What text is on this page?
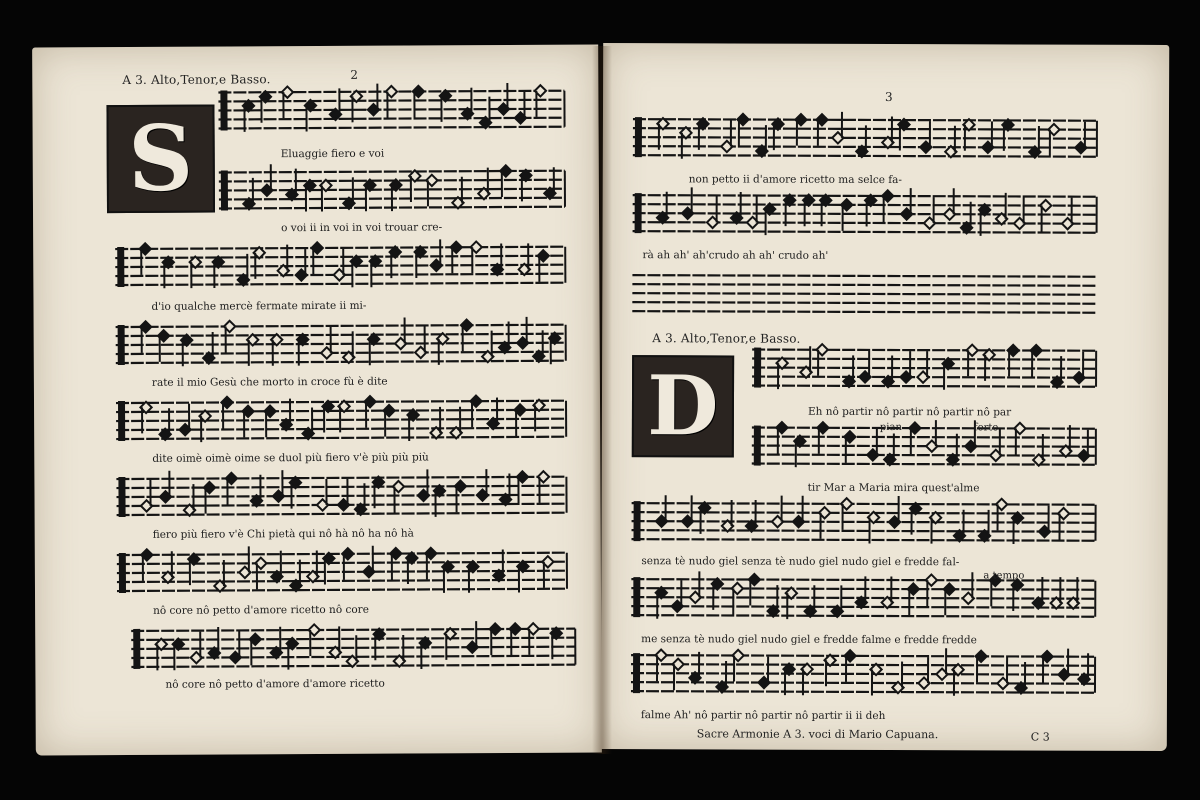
A 3. Alto,Tenor,e Basso.	2
S	Eluaggie fiero e voi
o voi ii in voi in voi trouar cre-
d'io qualche mercè fermate mirate ii mi-
rate il mio Gesù che morto in croce fù è dite
dite oimè oimè oime se duol più fiero v'è più più più
fiero più fiero v'è Chi pietà qui nô hà nô ha nô hà
nô core nô petto d'amore ricetto nô core
nô core nô petto d'amore d'amore ricetto
3
non petto ii d'amore ricetto ma selce fa-
rà ah ah' ah'crudo ah ah' crudo ah'
A 3. Alto,Tenor,e Basso.
D	Eh nô partir nô partir nô partir nô par
pian	forte
tir Mar a Maria mira quest'alme
senza tè nudo giel senza tè nudo giel nudo giel e fredde fal-
a tempo
me senza tè nudo giel nudo giel e fredde falme e fredde fredde
falme Ah' nô partir nô partir nô partir ii ii deh
Sacre Armonie A 3. voci di Mario Capuana.	C 3
